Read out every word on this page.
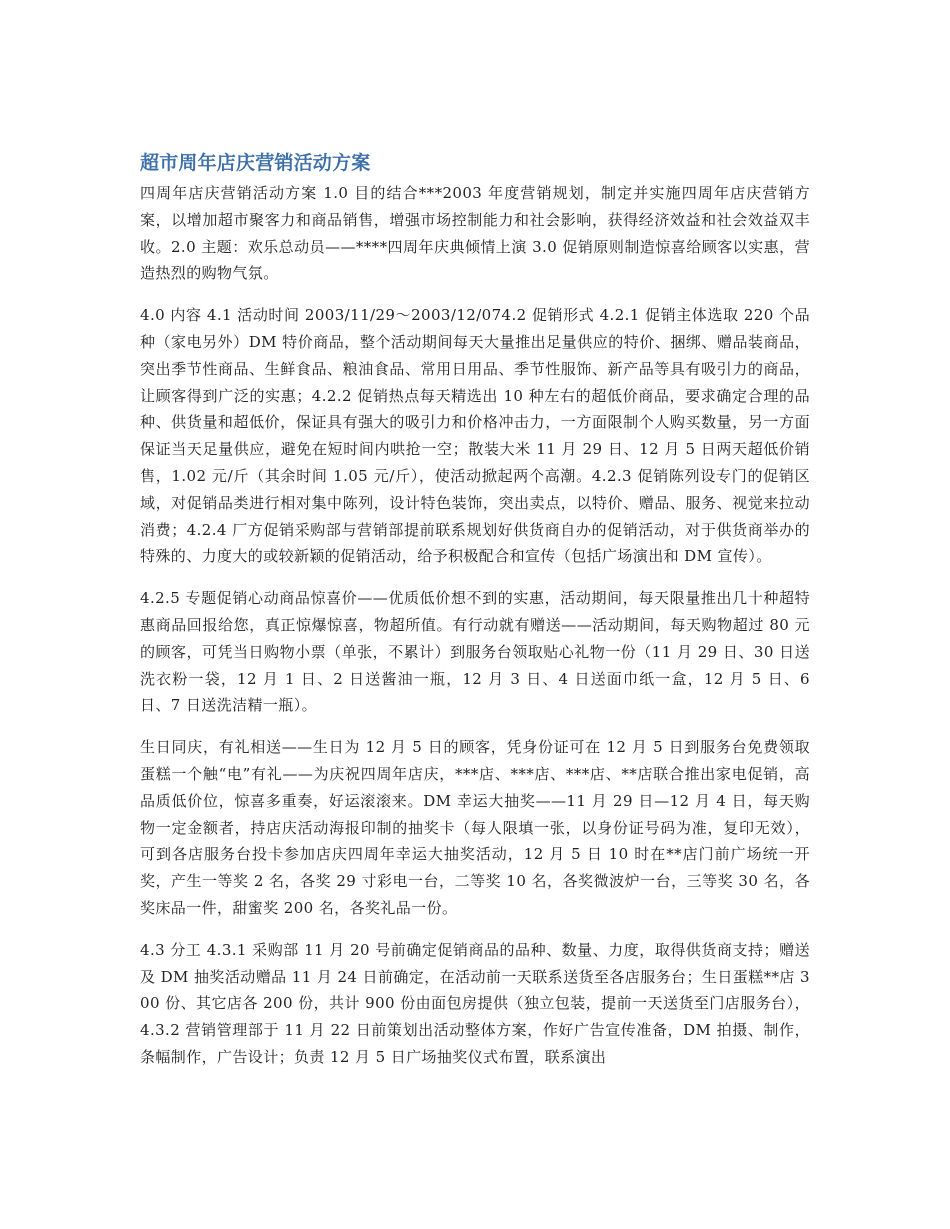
超市周年店庆营销活动方案

四周年店庆营销活动方案 1.0 目的结合***2003 年度营销规划，制定并实施四周年店庆营销方案，以增加超市聚客力和商品销售，增强市场控制能力和社会影响，获得经济效益和社会效益双丰收。2.0 主题：欢乐总动员——****四周年庆典倾情上演 3.0 促销原则制造惊喜给顾客以实惠，营造热烈的购物气氛。

4.0 内容 4.1 活动时间 2003/11/29～2003/12/074.2 促销形式 4.2.1 促销主体选取 220 个品种（家电另外）DM 特价商品，整个活动期间每天大量推出足量供应的特价、捆绑、赠品装商品，突出季节性商品、生鲜食品、粮油食品、常用日用品、季节性服饰、新产品等具有吸引力的商品，让顾客得到广泛的实惠；4.2.2 促销热点每天精选出 10 种左右的超低价商品，要求确定合理的品种、供货量和超低价，保证具有强大的吸引力和价格冲击力，一方面限制个人购买数量，另一方面保证当天足量供应，避免在短时间内哄抢一空；散装大米 11 月 29 日、12 月 5 日两天超低价销售，1.02 元/斤（其余时间 1.05 元/斤），使活动掀起两个高潮。4.2.3 促销陈列设专门的促销区域，对促销品类进行相对集中陈列，设计特色装饰，突出卖点，以特价、赠品、服务、视觉来拉动消费；4.2.4 厂方促销采购部与营销部提前联系规划好供货商自办的促销活动，对于供货商举办的特殊的、力度大的或较新颖的促销活动，给予积极配合和宣传（包括广场演出和 DM 宣传）。

4.2.5 专题促销心动商品惊喜价——优质低价想不到的实惠，活动期间，每天限量推出几十种超特惠商品回报给您，真正惊爆惊喜，物超所值。有行动就有赠送——活动期间，每天购物超过 80 元的顾客，可凭当日购物小票（单张，不累计）到服务台领取贴心礼物一份（11 月 29 日、30 日送洗衣粉一袋，12 月 1 日、2 日送酱油一瓶，12 月 3 日、4 日送面巾纸一盒，12 月 5 日、6 日、7 日送洗洁精一瓶）。

生日同庆，有礼相送——生日为 12 月 5 日的顾客，凭身份证可在 12 月 5 日到服务台免费领取蛋糕一个触“电”有礼——为庆祝四周年店庆，***店、***店、***店、**店联合推出家电促销，高品质低价位，惊喜多重奏，好运滚滚来。DM 幸运大抽奖——11 月 29 日—12 月 4 日，每天购物一定金额者，持店庆活动海报印制的抽奖卡（每人限填一张，以身份证号码为准，复印无效），可到各店服务台投卡参加店庆四周年幸运大抽奖活动，12 月 5 日 10 时在**店门前广场统一开奖，产生一等奖 2 名，各奖 29 寸彩电一台，二等奖 10 名，各奖微波炉一台，三等奖 30 名，各奖床品一件，甜蜜奖 200 名，各奖礼品一份。

4.3 分工 4.3.1 采购部 11 月 20 号前确定促销商品的品种、数量、力度，取得供货商支持；赠送及 DM 抽奖活动赠品 11 月 24 日前确定，在活动前一天联系送货至各店服务台；生日蛋糕**店 300 份、其它店各 200 份，共计 900 份由面包房提供（独立包装，提前一天送货至门店服务台）， 4.3.2 营销管理部于 11 月 22 日前策划出活动整体方案，作好广告宣传准备，DM 拍摄、制作，条幅制作，广告设计；负责 12 月 5 日广场抽奖仪式布置，联系演出
